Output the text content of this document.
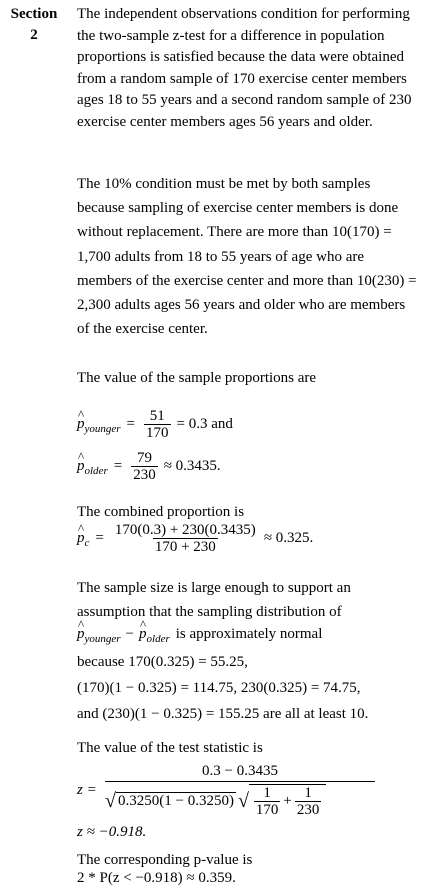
Section
2

The independent observations condition for performing the two-sample z-test for a difference in population proportions is satisfied because the data were obtained from a random sample of 170 exercise center members ages 18 to 55 years and a second random sample of 230 exercise center members ages 56 years and older.

The 10% condition must be met by both samples because sampling of exercise center members is done without replacement. There are more than 10(170) = 1,700 adults from 18 to 55 years of age who are members of the exercise center and more than 10(230) = 2,300 adults ages 56 years and older who are members of the exercise center.

The value of the sample proportions are

^ p younger = $\frac{51}{170} = 0.3$ and
^ p older = $\frac{79}{230} \approx 0.3435$.

The combined proportion is

^ p $c = \frac{170(0.3) + 230(0.3435)}{170 + 230} \approx 0.325$.

The sample size is large enough to support an assumption that the sampling distribution of

^ p younger −
^ p older is approximately normal
because 170(0.325) = 55.25,
(170)(1 − 0.325) = 114.75, 230(0.325) = 74.75,
and (230)(1 − 0.325) = 155.25 are all at least 10.

The value of the test statistic is

z =
0.3 − 0.3435
√ 0.3250(1 − 0.3250) √ $\frac{1}{170} + \frac{1}{230}$
z ≈ −0.918.

The corresponding p-value is

2 * P(z < −0.918) ≈ 0.359.
